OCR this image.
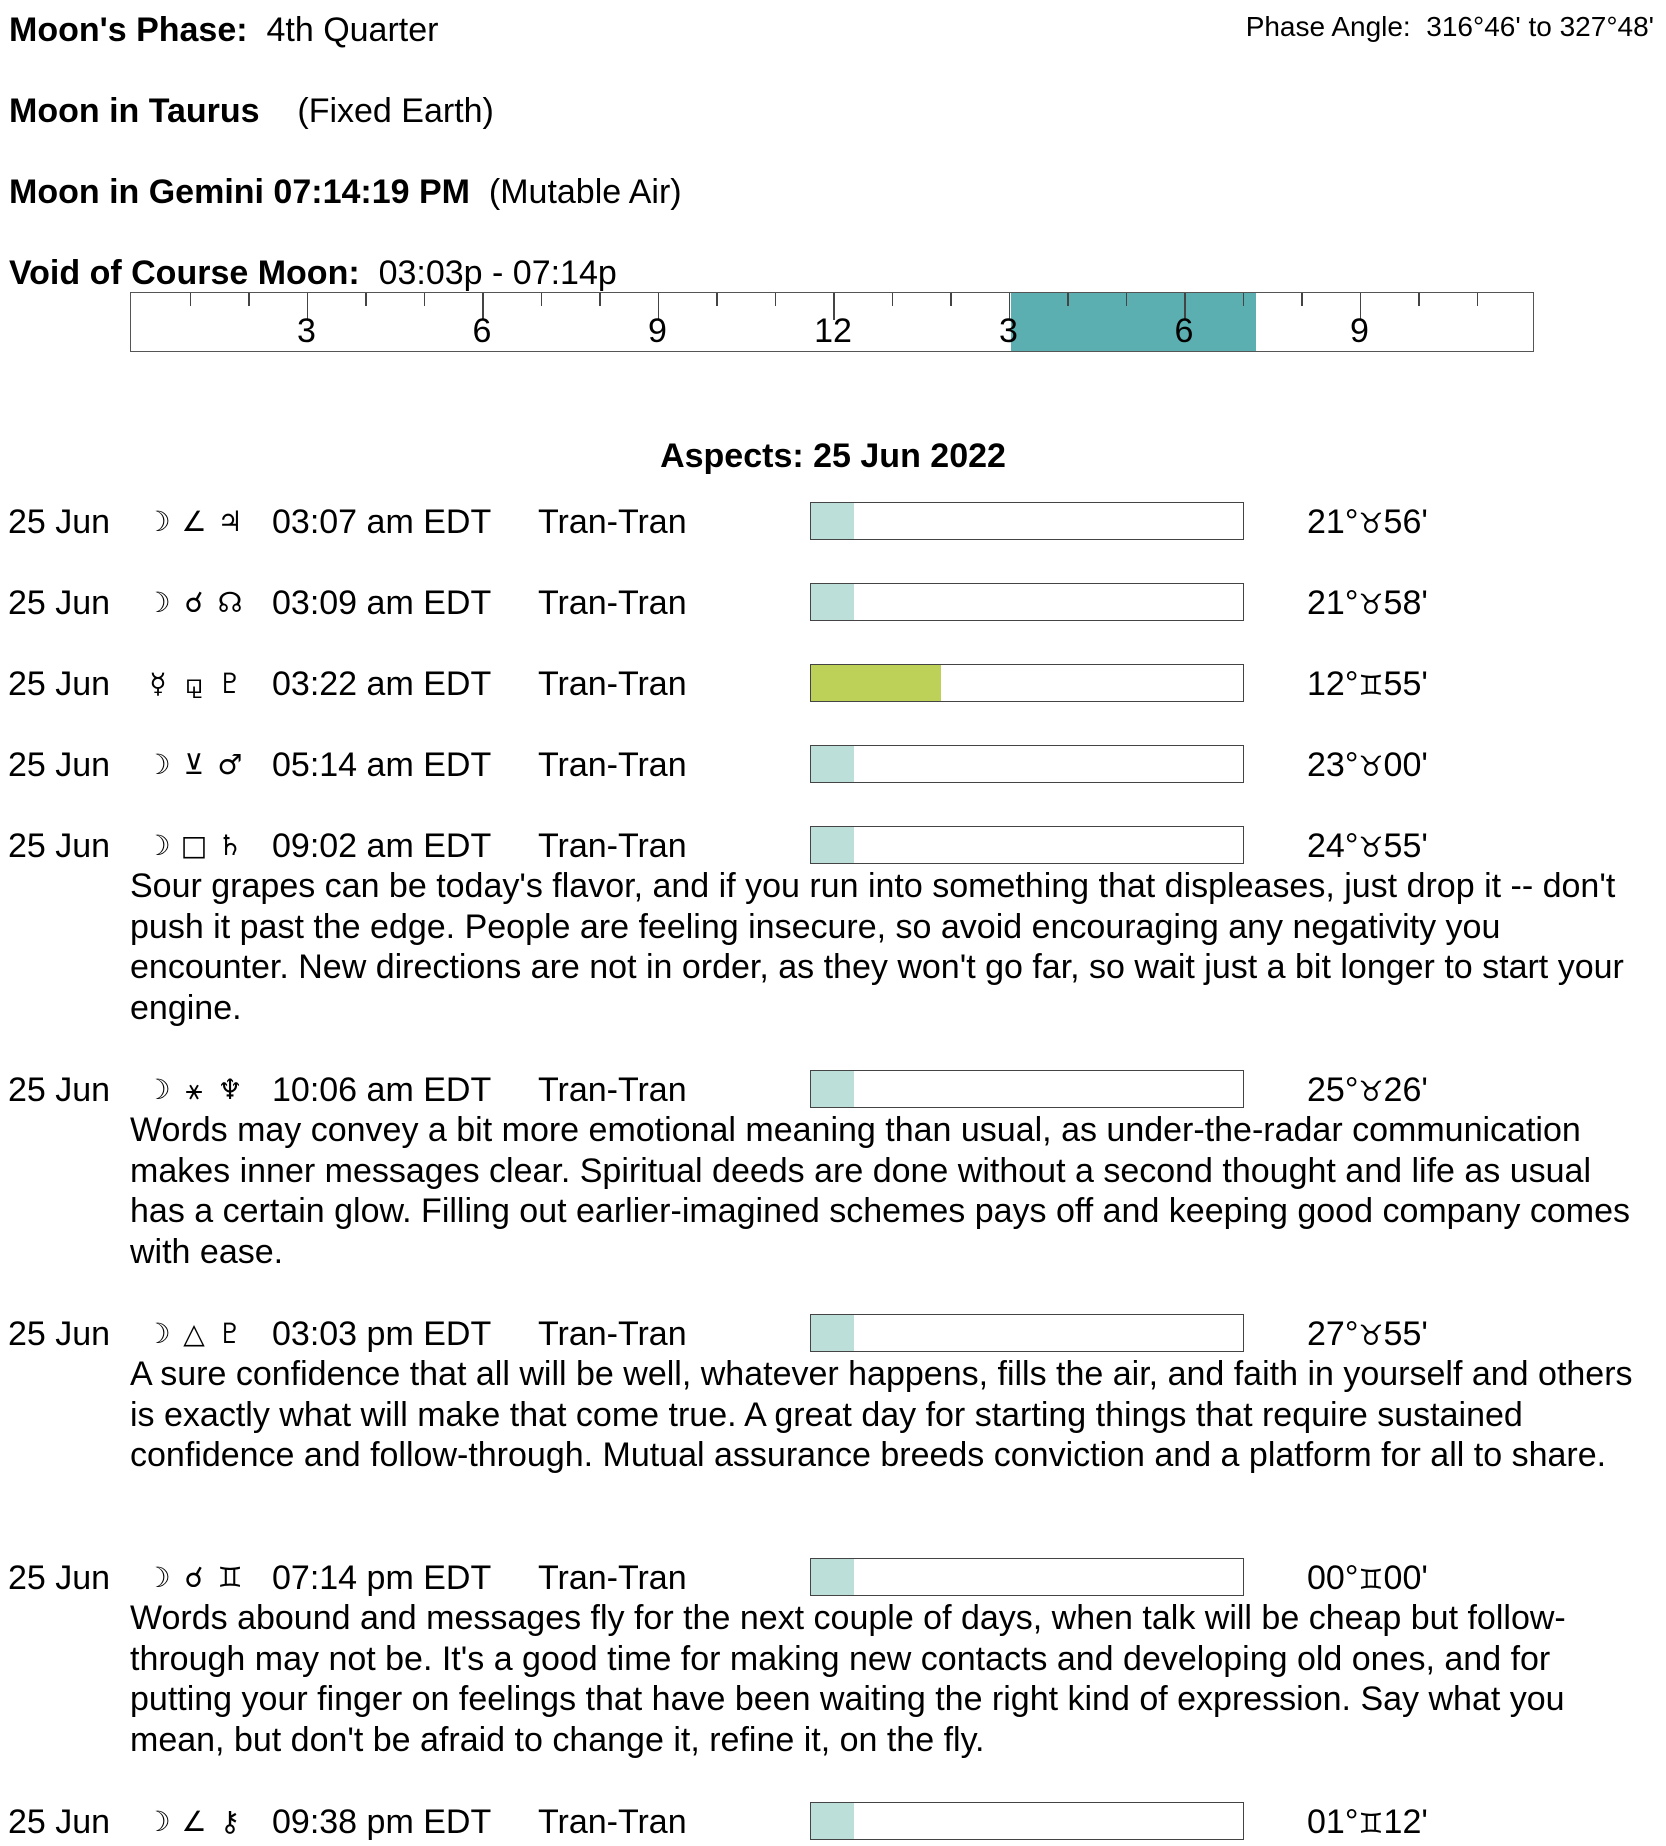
Moon's Phase: 4th Quarter	Phase Angle: 316°46' to 327°48'
Moon in Taurus (Fixed Earth)
Moon in Gemini 07:14:19 PM (Mutable Air)
Void of Course Moon: 03:03p - 07:14p
3	6	9	12	3	6	9
Aspects: 25 Jun 2022
25 Jun ☽ ∠ ♃ 03:07 am EDT Tran-Tran	21°♉56'
25 Jun ☽ ☌ ☊ 03:09 am EDT Tran-Tran	21°♉58'
25 Jun	☿ ⚼ ♇ 03:22 am EDT Tran-Tran	12°♊55'
25 Jun ☽ ⊻ ♂ 05:14 am EDT Tran-Tran	23°♉00'
25 Jun ☽ □ ♄ 09:02 am EDT Tran-Tran	24°♉55'
Sour grapes can be today's flavor, and if you run into something that displeases, just drop it -- don't push it past the edge. People are feeling insecure, so avoid encouraging any negativity you encounter. New directions are not in order, as they won't go far, so wait just a bit longer to start your engine.
25 Jun ☽ ⚹ ♆ 10:06 am EDT Tran-Tran	25°♉26'
Words may convey a bit more emotional meaning than usual, as under-the-radar communication makes inner messages clear. Spiritual deeds are done without a second thought and life as usual has a certain glow. Filling out earlier-imagined schemes pays off and keeping good company comes with ease.
25 Jun ☽ △ ♇ 03:03 pm EDT Tran-Tran	27°♉55'
A sure confidence that all will be well, whatever happens, fills the air, and faith in yourself and others is exactly what will make that come true. A great day for starting things that require sustained confidence and follow-through. Mutual assurance breeds conviction and a platform for all to share.
25 Jun ☽ ☌ ♊ 07:14 pm EDT Tran-Tran	00°♊00'
Words abound and messages fly for the next couple of days, when talk will be cheap but follow-through may not be. It's a good time for making new contacts and developing old ones, and for putting your finger on feelings that have been waiting the right kind of expression. Say what you mean, but don't be afraid to change it, refine it, on the fly.
25 Jun ☽ ∠ ⚷ 09:38 pm EDT Tran-Tran	01°♊12'
